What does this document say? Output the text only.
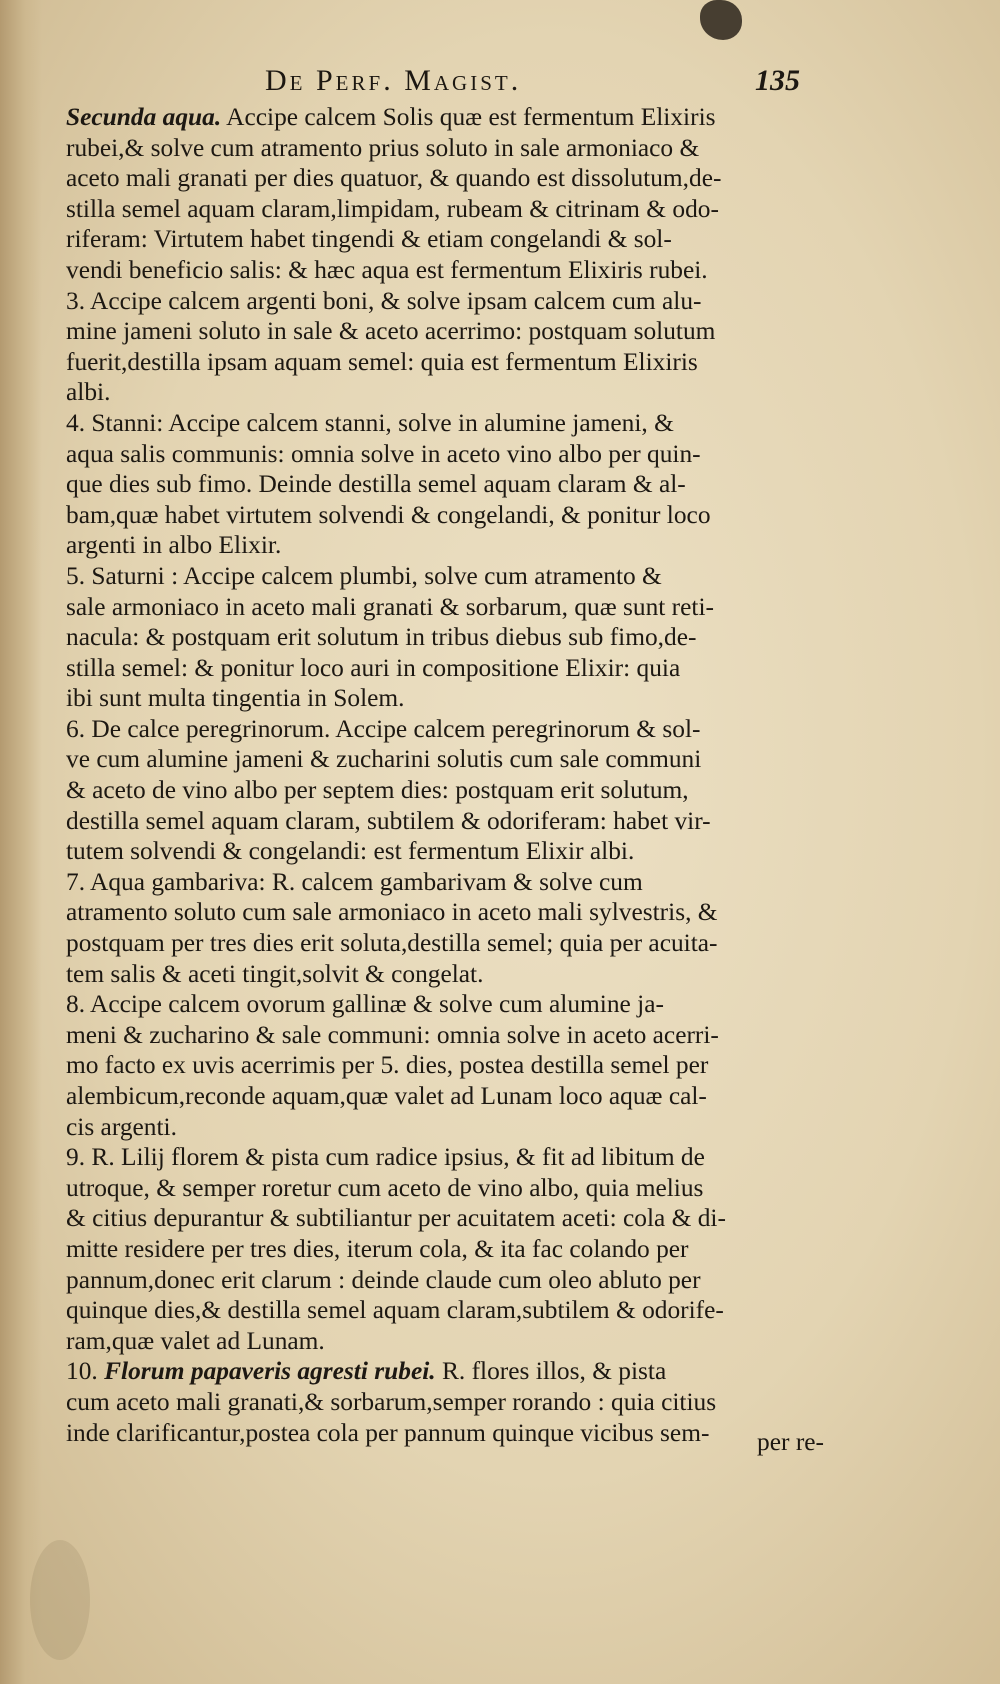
De Perf. Magist.	135
Secunda aqua. Accipe calcem Solis quæ est fermentum Elixiris
rubei,& solve cum atramento prius soluto in sale armoniaco &
aceto mali granati per dies quatuor, & quando est dissolutum,de-
stilla semel aquam claram,limpidam, rubeam & citrinam & odo-
riferam: Virtutem habet tingendi & etiam congelandi & sol-
vendi beneficio salis: & hæc aqua est fermentum Elixiris rubei.
3. Accipe calcem argenti boni, & solve ipsam calcem cum alu-
mine jameni soluto in sale & aceto acerrimo: postquam solutum
fuerit,destilla ipsam aquam semel: quia est fermentum Elixiris
albi.
4. Stanni: Accipe calcem stanni, solve in alumine jameni, &
aqua salis communis: omnia solve in aceto vino albo per quin-
que dies sub fimo. Deinde destilla semel aquam claram & al-
bam,quæ habet virtutem solvendi & congelandi, & ponitur loco
argenti in albo Elixir.
5. Saturni : Accipe calcem plumbi, solve cum atramento &
sale armoniaco in aceto mali granati & sorbarum, quæ sunt reti-
nacula: & postquam erit solutum in tribus diebus sub fimo,de-
stilla semel: & ponitur loco auri in compositione Elixir: quia
ibi sunt multa tingentia in Solem.
6. De calce peregrinorum. Accipe calcem peregrinorum & sol-
ve cum alumine jameni & zucharini solutis cum sale communi
& aceto de vino albo per septem dies: postquam erit solutum,
destilla semel aquam claram, subtilem & odoriferam: habet vir-
tutem solvendi & congelandi: est fermentum Elixir albi.
7. Aqua gambariva: R. calcem gambarivam & solve cum
atramento soluto cum sale armoniaco in aceto mali sylvestris, &
postquam per tres dies erit soluta,destilla semel; quia per acuita-
tem salis & aceti tingit,solvit & congelat.
8. Accipe calcem ovorum gallinæ & solve cum alumine ja-
meni & zucharino & sale communi: omnia solve in aceto acerri-
mo facto ex uvis acerrimis per 5. dies, postea destilla semel per
alembicum,reconde aquam,quæ valet ad Lunam loco aquæ cal-
cis argenti.
9. R. Lilij florem & pista cum radice ipsius, & fit ad libitum de
utroque, & semper roretur cum aceto de vino albo, quia melius
& citius depurantur & subtiliantur per acuitatem aceti: cola & di-
mitte residere per tres dies, iterum cola, & ita fac colando per
pannum,donec erit clarum : deinde claude cum oleo abluto per
quinque dies,& destilla semel aquam claram,subtilem & odorife-
ram,quæ valet ad Lunam.
10. Florum papaveris agresti rubei. R. flores illos, & pista
cum aceto mali granati,& sorbarum,semper rorando : quia citius
inde clarificantur,postea cola per pannum quinque vicibus sem-	per re-
